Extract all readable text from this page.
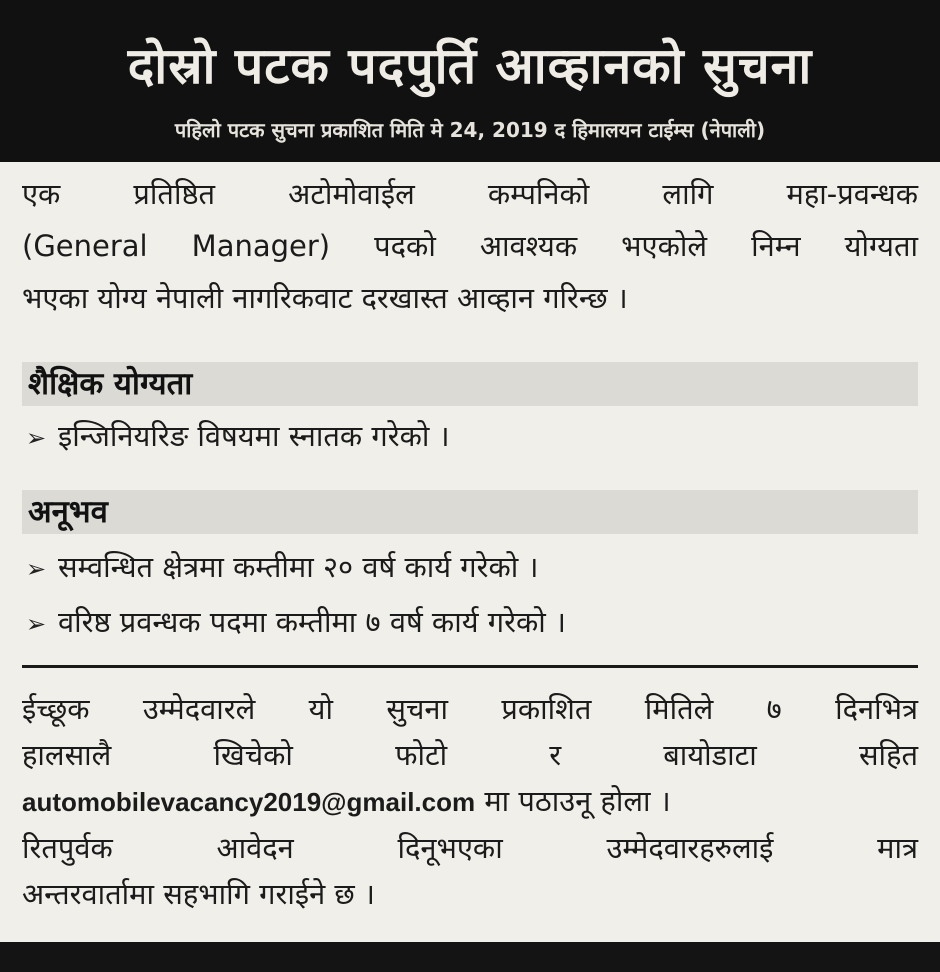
दोस्रो पटक पदपुर्ति आव्हानको सुचना
पहिलो पटक सुचना प्रकाशित मिति मे 24, 2019 द हिमालयन टाईम्स (नेपाली)
एक प्रतिष्ठित अटोमोवाईल कम्पनिको लागि महा-प्रवन्धक
(General Manager) पदको आवश्यक भएकोले निम्न योग्यता
भएका योग्य नेपाली नागरिकवाट दरखास्त आव्हान गरिन्छ ।
शैक्षिक योग्यता
➢ इन्जिनियरिङ विषयमा स्नातक गरेको ।
अनूभव
➢ सम्वन्धित क्षेत्रमा कम्तीमा २० वर्ष कार्य गरेको ।
➢ वरिष्ठ प्रवन्धक पदमा कम्तीमा ७ वर्ष कार्य गरेको ।
ईच्छूक उम्मेदवारले यो सुचना प्रकाशित मितिले ७ दिनभित्र
हालसालै खिचेको फोटो र बायोडाटा सहित
automobilevacancy2019@gmail.com मा पठाउनू होला ।
रितपुर्वक आवेदन दिनूभएका उम्मेदवारहरुलाई मात्र
अन्तरवार्तामा सहभागि गराईने छ ।
